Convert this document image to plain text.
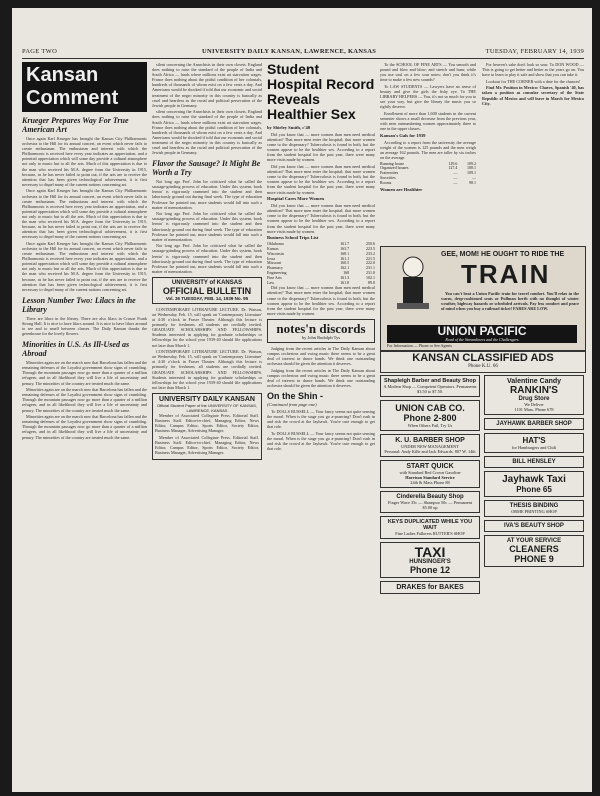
PAGE TWO	UNIVERSITY DAILY KANSAN, LAWRENCE, KANSAS	TUESDAY, FEBRUARY 14, 1939
Kansan Comment
Krueger Prepares Way For True American Art

Once again Karl Krueger has brought the Kansas City Philharmonic orchestra to the Hill for its annual concert, an event which never fails to create enthusiasm. The enthusiasm and interest with which the Philharmonic is received here every year indicates an appreciation, and a potential appreciation which will some day provide a cultural atmosphere not only to music but to all the arts. Much of this appreciation is due to the man who received his M.A. degree from the University in 1915, because, as he has never failed to point out, if the arts are to receive the attention that has been given technological achievement, it is first necessary to dispel many of the current notions concerning art.

Once again Karl Krueger has brought the Kansas City Philharmonic orchestra to the Hill for its annual concert, an event which never fails to create enthusiasm. The enthusiasm and interest with which the Philharmonic is received here every year indicates an appreciation, and a potential appreciation which will some day provide a cultural atmosphere not only to music but to all the arts. Much of this appreciation is due to the man who received his M.A. degree from the University in 1915, because, as he has never failed to point out, if the arts are to receive the attention that has been given technological achievement, it is first necessary to dispel many of the current notions concerning art.

Once again Karl Krueger has brought the Kansas City Philharmonic orchestra to the Hill for its annual concert, an event which never fails to create enthusiasm. The enthusiasm and interest with which the Philharmonic is received here every year indicates an appreciation, and a potential appreciation which will some day provide a cultural atmosphere not only to music but to all the arts. Much of this appreciation is due to the man who received his M.A. degree from the University in 1915, because, as he has never failed to point out, if the arts are to receive the attention that has been given technological achievement, it is first necessary to dispel many of the current notions concerning art.

Lesson Number Two: Lilacs in the Library

There are lilacs in the library. There are also lilacs in Crusoe Frank Strong Hall. It is nice to have lilacs around. It is nice to have lilacs around to see and to smell between classes. The Daily Kansan thanks the greenhouse for the lovely flowers.

Minorities in U.S. As Ill-Used as Abroad

Minorities again are on the march now that Barcelona has fallen and the remaining defenses of the Loyalist government show signs of crumbling. Through the mountain passages now go more than a quarter of a million refugees, and in all likelihood they will live a life of uncertainty and penury. The minorities of the country are treated much the same.

Minorities again are on the march now that Barcelona has fallen and the remaining defenses of the Loyalist government show signs of crumbling. Through the mountain passages now go more than a quarter of a million refugees, and in all likelihood they will live a life of uncertainty and penury. The minorities of the country are treated much the same.

Minorities again are on the march now that Barcelona has fallen and the remaining defenses of the Loyalist government show signs of crumbling. Through the mountain passages now go more than a quarter of a million refugees, and in all likelihood they will live a life of uncertainty and penury. The minorities of the country are treated much the same.

silent concerning the Anarchists in their own closets. England does nothing to raise the standard of the people of India and South Africa — lands where millions exist on starvation wages. France does nothing about the pitiful condition of her colonials, hundreds of thousands of whom exist on a few cents a day. And Americans would be shocked if told that our economic and social treatment of the negro minority in this country is basically as cruel and heartless as the racial and political persecution of the Jewish people in Germany.

silent concerning the Anarchists in their own closets. England does nothing to raise the standard of the people of India and South Africa — lands where millions exist on starvation wages. France does nothing about the pitiful condition of her colonials, hundreds of thousands of whom exist on a few cents a day. And Americans would be shocked if told that our economic and social treatment of the negro minority in this country is basically as cruel and heartless as the racial and political persecution of the Jewish people in Germany.

Flavor the Sausage? It Might Be Worth a Try

Not long ago Prof. John Ise criticized what he called the sausage-grinding process of education. Under this system, book lernin' is vigorously crammed into the student and then laboriously ground out during final week. The type of education Professor Ise pointed out, more students would fall into such a matter of memorization.

Not long ago Prof. John Ise criticized what he called the sausage-grinding process of education. Under this system, book lernin' is vigorously crammed into the student and then laboriously ground out during final week. The type of education Professor Ise pointed out, more students would fall into such a matter of memorization.

Not long ago Prof. John Ise criticized what he called the sausage-grinding process of education. Under this system, book lernin' is vigorously crammed into the student and then laboriously ground out during final week. The type of education Professor Ise pointed out, more students would fall into such a matter of memorization.

UNIVERSITY of KANSAS
OFFICIAL BULLETIN
Vol. 36 TUESDAY, FEB. 14, 1939 No. 95

CONTEMPORARY LITERATURE LECTURE. Dr. Watson, on Wednesday, Feb. 15, will speak on 'Contemporary Literature' at 4:30 o'clock in Fraser Theater. Although this lecture is primarily for freshmen, all students are cordially invited. GRADUATE SCHOLARSHIPS AND FELLOWSHIPS. Students interested in applying for graduate scholarships or fellowships for the school year 1939-40 should file applications not later than March 1.

CONTEMPORARY LITERATURE LECTURE. Dr. Watson, on Wednesday, Feb. 15, will speak on 'Contemporary Literature' at 4:30 o'clock in Fraser Theater. Although this lecture is primarily for freshmen, all students are cordially invited. GRADUATE SCHOLARSHIPS AND FELLOWSHIPS. Students interested in applying for graduate scholarships or fellowships for the school year 1939-40 should file applications not later than March 1.

UNIVERSITY DAILY KANSAN
Official Student Paper of the UNIVERSITY OF KANSAS, LAWRENCE, KANSAS

Member of Associated Collegiate Press. Editorial Staff. Business Staff. Editor-in-chief, Managing Editor, News Editor, Campus Editor, Sports Editor, Society Editor, Business Manager, Advertising Manager.

Member of Associated Collegiate Press. Editorial Staff. Business Staff. Editor-in-chief, Managing Editor, News Editor, Campus Editor, Sports Editor, Society Editor, Business Manager, Advertising Manager.

Student Hospital Record Reveals Healthier Sex
by Shirley Smith, c'40

Did you know that — more women than men need medical attention? That more men enter the hospital; that more women come to the dispensary? Tuberculosis is found in both, but the women appear to be the healthier sex. According to a report from the student hospital for the past year, there were many more visits made by women.

Did you know that — more women than men need medical attention? That more men enter the hospital; that more women come to the dispensary? Tuberculosis is found in both, but the women appear to be the healthier sex. According to a report from the student hospital for the past year, there were many more visits made by women.

Hospital Cares More Women

Did you know that — more women than men need medical attention? That more men enter the hospital; that more women come to the dispensary? Tuberculosis is found in both, but the women appear to be the healthier sex. According to a report from the student hospital for the past year, there were many more visits made by women.

Business School Trips List
Oklahoma	161.7	250.6
Kansas	163.7	223.5
Wisconsin	168.1	233.2
Iowa	161.1	221.5
Missouri	160.5	222.0
Pharmacy	162.1	231.1
Engineering	168	231.0
Fine Arts	161.3	102.1
Law	161.8	89.0

Did you know that — more women than men need medical attention? That more men enter the hospital; that more women come to the dispensary? Tuberculosis is found in both, but the women appear to be the healthier sex. According to a report from the student hospital for the past year, there were many more visits made by women.

notes'n discords
by John Rudolph Tys

Judging from the recent articles in The Daily Kansan about campus orchestras and swing music there seems to be a great deal of interest in dance bands. We think one outstanding orchestra should be given the attention it deserves.

Judging from the recent articles in The Daily Kansan about campus orchestras and swing music there seems to be a great deal of interest in dance bands. We think one outstanding orchestra should be given the attention it deserves.

On the Shin -
(Continued from page one)

To DOLLS RUSSELL — Your fancy seems not quite sensing the moral. When is the stage you go a-prancing? Don't rush in and risk the crowd at the Jayhawk. You're cute enough to get that role.

To DOLLS RUSSELL — Your fancy seems not quite sensing the moral. When is the stage you go a-prancing? Don't rush in and risk the crowd at the Jayhawk. You're cute enough to get that role.

To the SCHOOL OF FINE ARTS — You smooth and pound and blow and blow; and stretch and hum; while you use soul on a few sour notes; don't you think it's time to make a few new sounds?

To LAW STUDENTS — Lawyers have no sense of beauty and give the girls the fishy eye. To THE LIBRARY HELPERS — You, it's not so much for you to see your way, but give the library the music you so rightly deserve.

Enrollment of more than 1,600 students in the current semester shows a small decrease from the previous year, with men outnumbering women approximately three to one in the upper classes.

Kansan's Gals for 1939

According to a report from the university the average weight of the women is 125 pounds and the men weigh an average 162 pounds. The men are taller by six inches on the average.

Running house	129.6	109.2
Organized houses	127.4	108.1
Fraternities	—	109.1
Sororities	—	—
Rooms	—	98.1
Women are Healthier

For heaven's sake don't look so sour. To DON WOOD — This is going to get better and better as the years go on. You have to learn to play it safe and show that you can take it.

Lookout for THE CORNER with a date for the chances!

Find Mr. Position in Mexico: Chaves, Spanish '40, has taken a position as consular secretary of the State Republic of Mexico and will leave in March for Mexico City.

GEE, MOM! HE OUGHT TO RIDE THE
TRAIN

You can't beat a Union Pacific train for travel comfort. You'll relax in the warm, deep-cushioned seats or Pullman berth with no thought of winter weather, highway hazards or scheduled arrivals. Pay less comfort and peace of mind when you buy a railroad ticket! FARES ARE LOW.

UNION PACIFIC
Road of the Streamliners and the Challengers
For Information — Phone or See Agents
KANSAN CLASSIFIED ADS
Phone K.U. 66
Shapleigh Barber and Beauty Shop
A Modern Shop — Competent Operators. Permanents $3.50 to $7.50.
UNION CAB CO.
Phone 2-800
When Others Fail, Try Us
K. U. BARBER SHOP
UNDER NEW MANAGEMENT
Personal: Andy Kille and Jack Edwards. 807 W. 14th
START QUICK
with Standard Red Crown Gasoline
Harrison Standard Service
24th & Mass Phone 88
Cinderella Beauty Shop
Finger Wave 35c — Shampoo 50c — Permanent $5.00 up
KEYS DUPLICATED WHILE YOU WAIT
Fine Ladies Fallorers RUTTER'S SHOP
TAXI
HUNSINGER'S
Phone 12
DRAKES for BAKES
Valentine Candy
RANKIN'S
Drug Store
We Deliver
1101 Mass. Phone 678
JAYHAWK BARBER SHOP
HAT'S
for Hamburgers and Chili
BILL HENSLEY
Jayhawk Taxi
Phone 65
THESIS BINDING
ORME PRINTING SHOP
IVA'S BEAUTY SHOP
AT YOUR SERVICE
CLEANERS
PHONE 9
